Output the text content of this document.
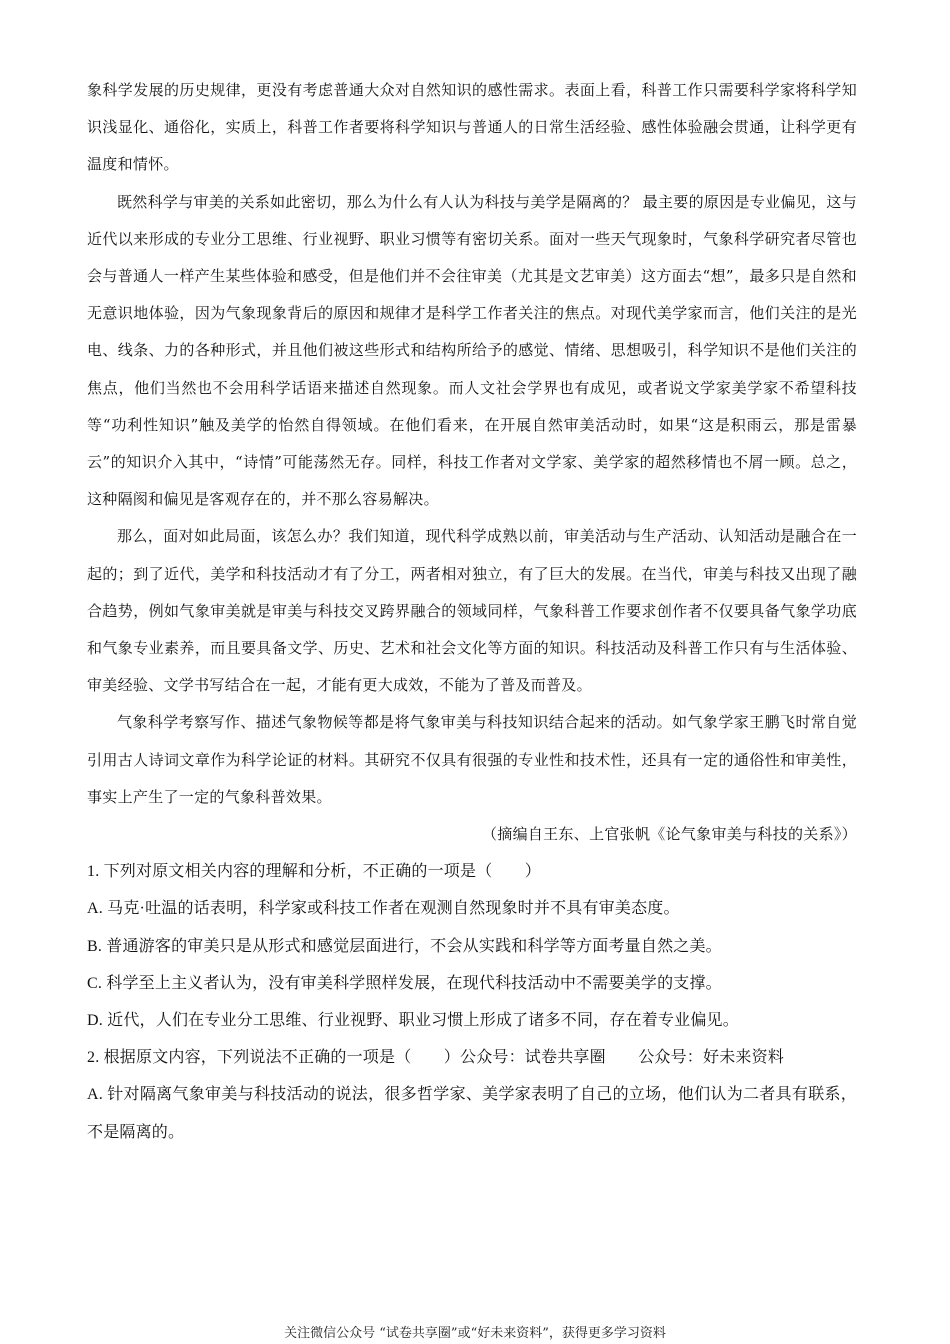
象科学发展的历史规律，更没有考虑普通大众对自然知识的感性需求。表面上看，科普工作只需要科学家将科学知识浅显化、通俗化，实质上，科普工作者要将科学知识与普通人的日常生活经验、感性体验融会贯通，让科学更有温度和情怀。

既然科学与审美的关系如此密切，那么为什么有人认为科技与美学是隔离的？ 最主要的原因是专业偏见，这与近代以来形成的专业分工思维、行业视野、职业习惯等有密切关系。面对一些天气现象时，气象科学研究者尽管也会与普通人一样产生某些体验和感受，但是他们并不会往审美（尤其是文艺审美）这方面去“想”，最多只是自然和无意识地体验，因为气象现象背后的原因和规律才是科学工作者关注的焦点。对现代美学家而言，他们关注的是光电、线条、力的各种形式，并且他们被这些形式和结构所给予的感觉、情绪、思想吸引，科学知识不是他们关注的焦点，他们当然也不会用科学话语来描述自然现象。而人文社会学界也有成见，或者说文学家美学家不希望科技等“功利性知识”触及美学的怡然自得领域。在他们看来，在开展自然审美活动时，如果“这是积雨云，那是雷暴云”的知识介入其中，“诗情”可能荡然无存。同样，科技工作者对文学家、美学家的超然移情也不屑一顾。总之，这种隔阂和偏见是客观存在的，并不那么容易解决。

那么，面对如此局面，该怎么办？我们知道，现代科学成熟以前，审美活动与生产活动、认知活动是融合在一起的；到了近代，美学和科技活动才有了分工，两者相对独立，有了巨大的发展。在当代，审美与科技又出现了融合趋势，例如气象审美就是审美与科技交叉跨界融合的领域同样，气象科普工作要求创作者不仅要具备气象学功底和气象专业素养，而且要具备文学、历史、艺术和社会文化等方面的知识。科技活动及科普工作只有与生活体验、审美经验、文学书写结合在一起，才能有更大成效，不能为了普及而普及。

气象科学考察写作、描述气象物候等都是将气象审美与科技知识结合起来的活动。如气象学家王鹏飞时常自觉引用古人诗词文章作为科学论证的材料。其研究不仅具有很强的专业性和技术性，还具有一定的通俗性和审美性，事实上产生了一定的气象科普效果。

（摘编自王东、上官张帆《论气象审美与科技的关系》）

1. 下列对原文相关内容的理解和分析，不正确的一项是（　　）

A. 马克·吐温的话表明，科学家或科技工作者在观测自然现象时并不具有审美态度。

B. 普通游客的审美只是从形式和感觉层面进行，不会从实践和科学等方面考量自然之美。

C. 科学至上主义者认为，没有审美科学照样发展，在现代科技活动中不需要美学的支撑。

D. 近代，人们在专业分工思维、行业视野、职业习惯上形成了诸多不同，存在着专业偏见。

2. 根据原文内容，下列说法不正确的一项是（　　）公众号：试卷共享圈　　公众号：好未来资料

A. 针对隔离气象审美与科技活动的说法，很多哲学家、美学家表明了自己的立场，他们认为二者具有联系，不是隔离的。

关注微信公众号 “试卷共享圈”或“好未来资料”，获得更多学习资料
